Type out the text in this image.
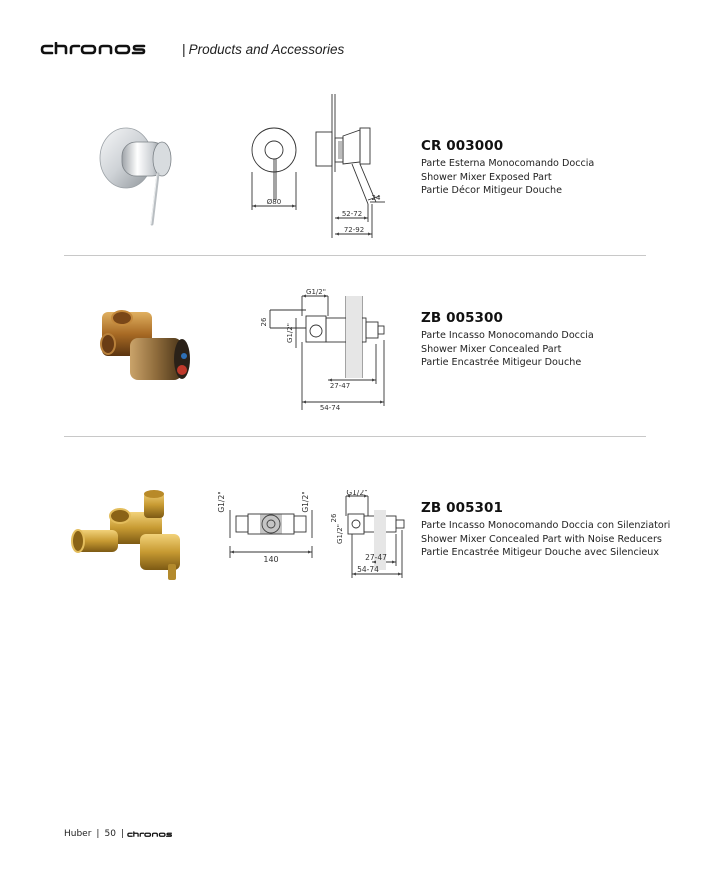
| Products and Accessories
Ø80
52-72
72-92
24
CR 003000
Parte Esterna Monocomando Doccia
Shower Mixer Exposed Part
Partie Décor Mitigeur Douche
G1/2"
26
G1/2"
27-47
54-74
ZB 005300
Parte Incasso Monocomando Doccia
Shower Mixer Concealed Part
Partie Encastrée Mitigeur Douche
G1/2"	G1/2"
140
G1/2"
26
G1/2"
27-47
54-74
ZB 005301
Parte Incasso Monocomando Doccia con Silenziatori
Shower Mixer Concealed Part with Noise Reducers
Partie Encastrée Mitigeur Douche avec Silencieux
Huber | 50 |
